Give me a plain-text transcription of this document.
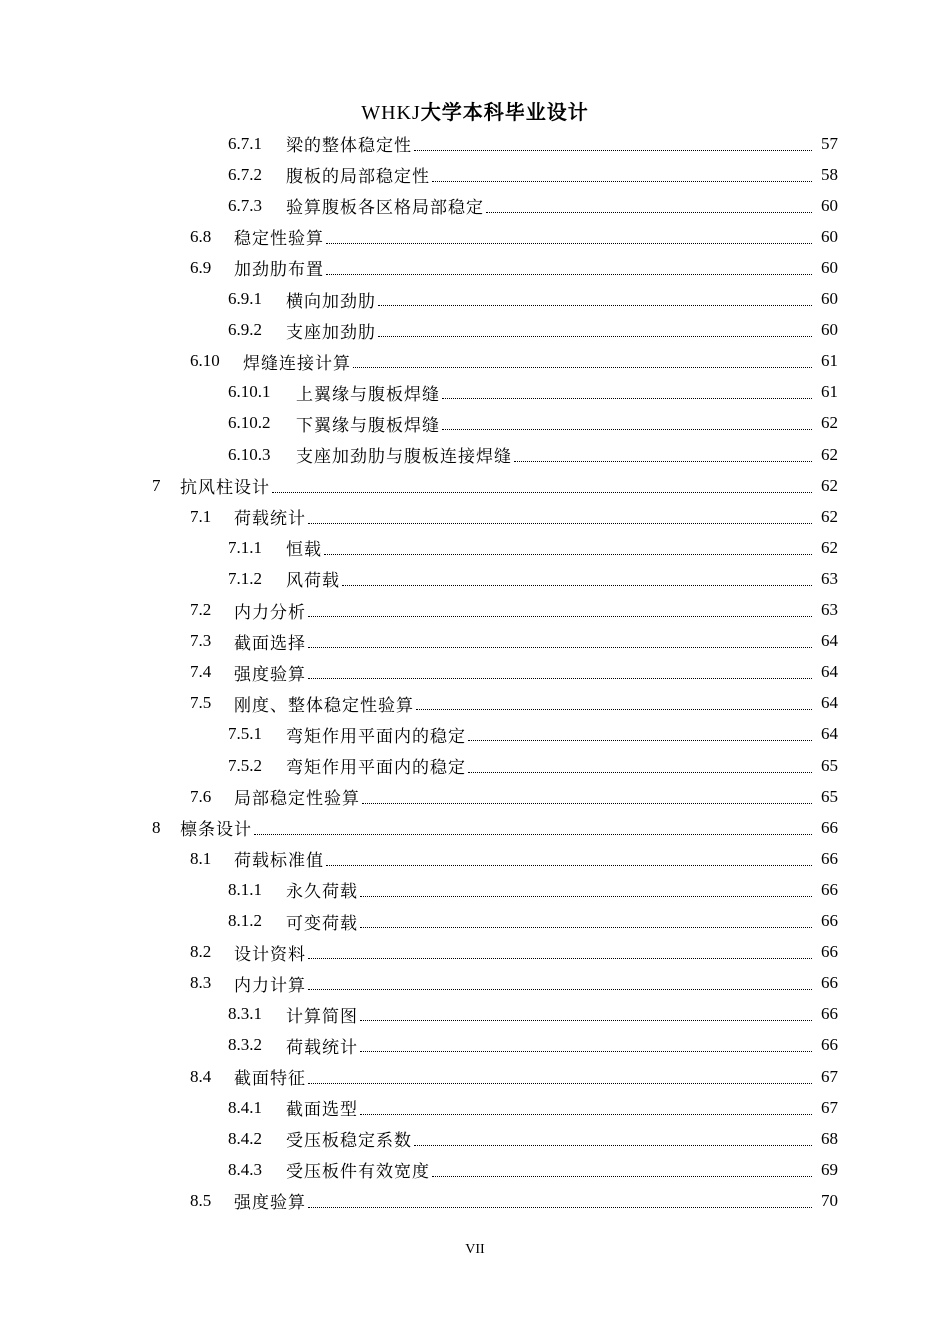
WHKJ大学本科毕业设计
6.7.1	梁的整体稳定性	57
6.7.2	腹板的局部稳定性	58
6.7.3	验算腹板各区格局部稳定	60
6.8	稳定性验算	60
6.9	加劲肋布置	60
6.9.1	横向加劲肋	60
6.9.2	支座加劲肋	60
6.10	焊缝连接计算	61
6.10.1	上翼缘与腹板焊缝	61
6.10.2	下翼缘与腹板焊缝	62
6.10.3	支座加劲肋与腹板连接焊缝	62
7	抗风柱设计	62
7.1	荷载统计	62
7.1.1	恒载	62
7.1.2	风荷载	63
7.2	内力分析	63
7.3	截面选择	64
7.4	强度验算	64
7.5	刚度、整体稳定性验算	64
7.5.1	弯矩作用平面内的稳定	64
7.5.2	弯矩作用平面内的稳定	65
7.6	局部稳定性验算	65
8	檩条设计	66
8.1	荷载标准值	66
8.1.1	永久荷载	66
8.1.2	可变荷载	66
8.2	设计资料	66
8.3	内力计算	66
8.3.1	计算简图	66
8.3.2	荷载统计	66
8.4	截面特征	67
8.4.1	截面选型	67
8.4.2	受压板稳定系数	68
8.4.3	受压板件有效宽度	69
8.5	强度验算	70
VII
